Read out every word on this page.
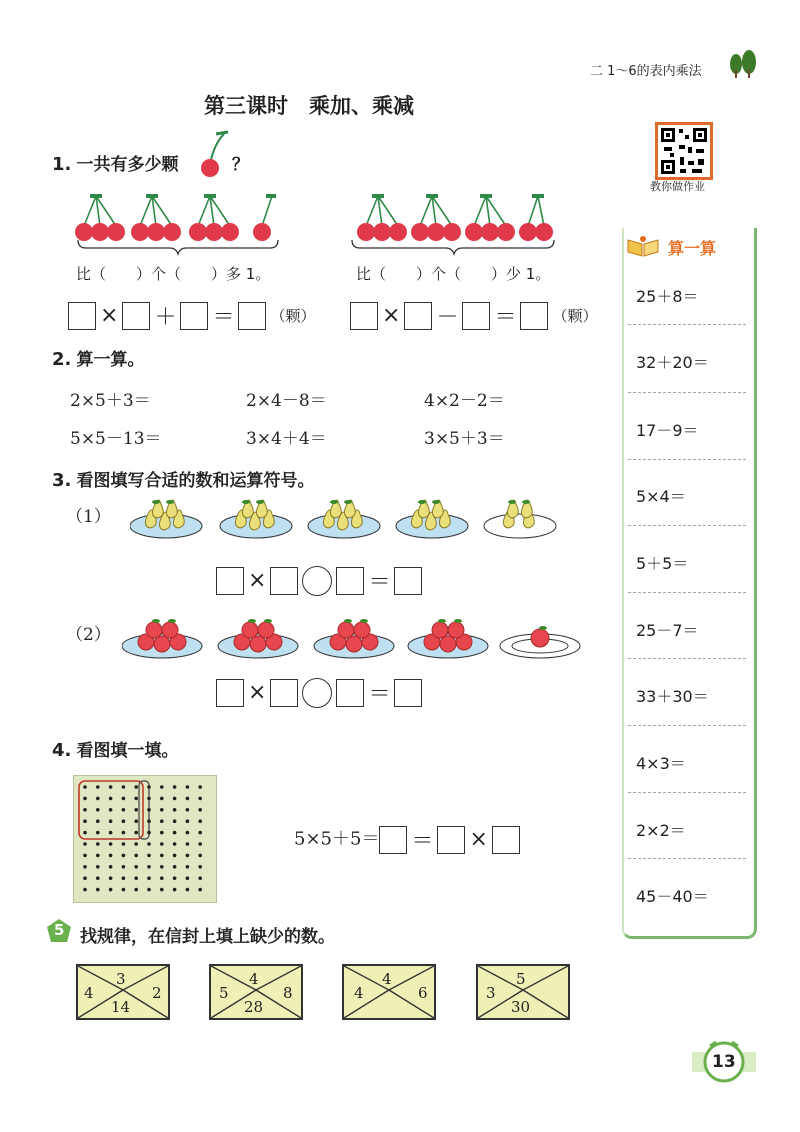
二 1～6的表内乘法
第三课时　乘加、乘减
教你做作业
算一算
25＋8＝
32＋20＝
17－9＝
5×4＝
5＋5＝
25－7＝
33＋30＝
4×3＝
2×2＝
45－40＝
1. 一共有多少颗	？
比（　　）个（　　）多 1。	比（　　）个（　　）少 1。
× ＋ ＝ （颗）	× － ＝ （颗）
2. 算一算。
2×5＋3＝	2×4－8＝	4×2－2＝
5×5－13＝	3×4＋4＝	3×5＋3＝
3. 看图填写合适的数和运算符号。
（1）
×	＝
（2）
×	＝
4. 看图填一填。
5×5＋5＝ ＝ ×
5 找规律，在信封上填上缺少的数。
3
4	2
14
4
5	8
28
4
4	6
5
3
30
13
